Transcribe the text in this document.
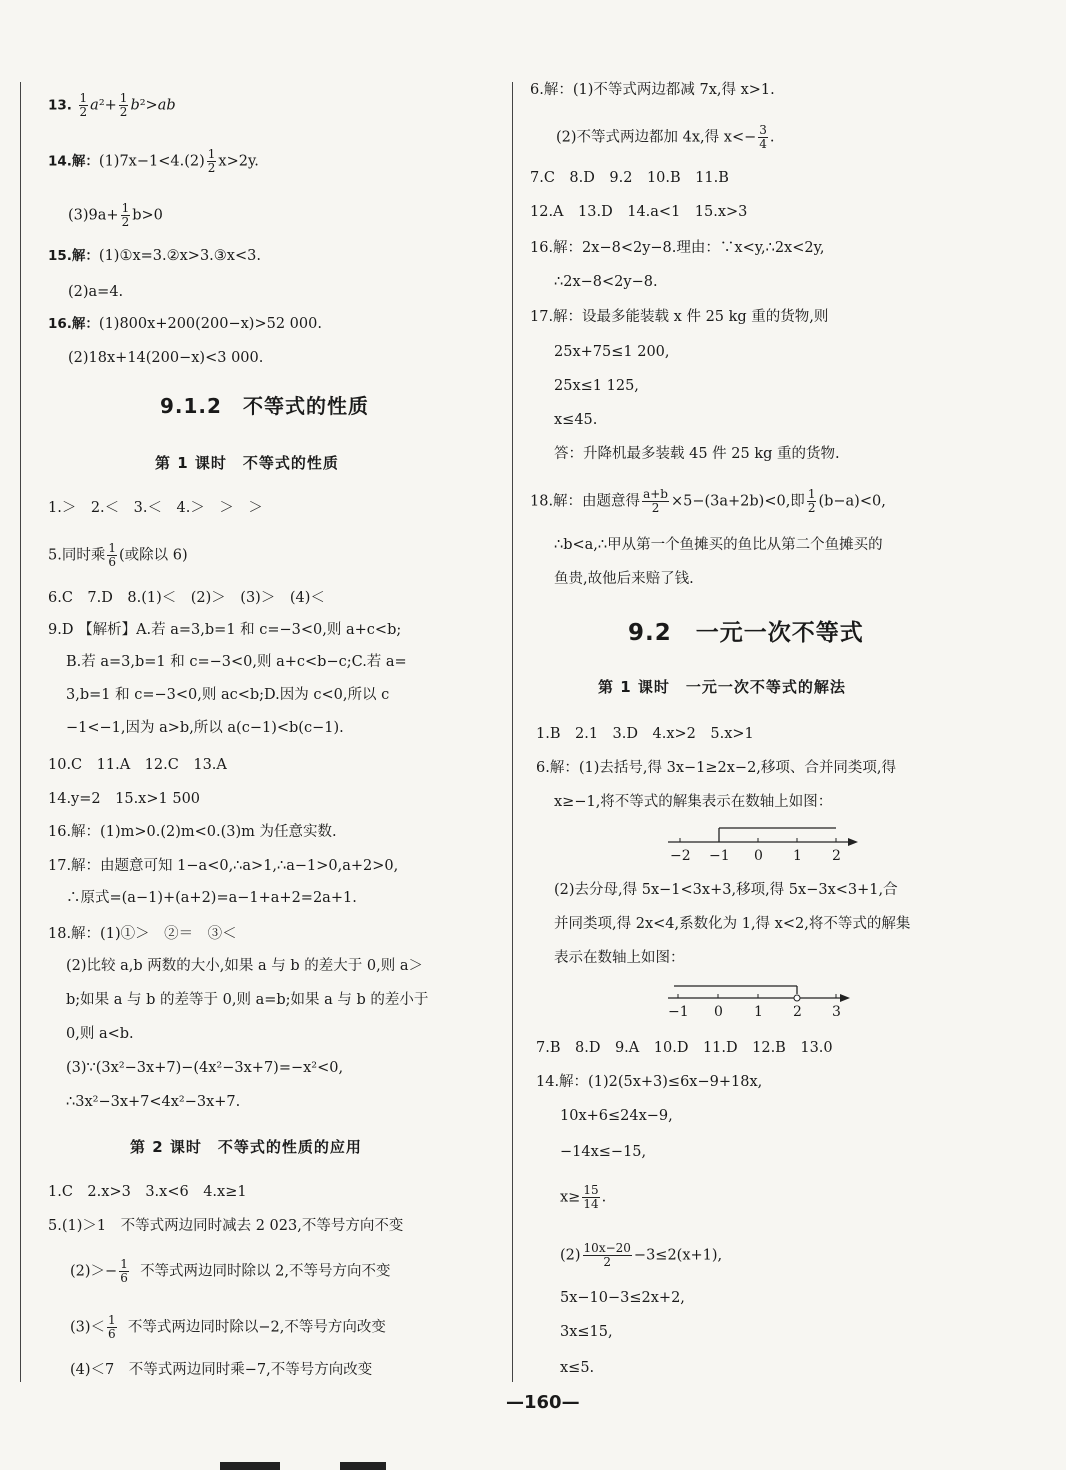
13. $\frac{1}{2} a^2+ \frac{1}{2} b^2>ab$
14.解：$(1)7x-1<4.(2) \frac{1}{2} x>2y$.
$(3)9a+ \frac{1}{2} b>0$
15.解：(1)①x=3.②x>3.③x<3.
(2)a=4.
16.解：(1)800x+200(200−x)>52 000.
(2)18x+14(200−x)<3 000.
9.1.2　不等式的性质
第 1 课时　不等式的性质
1.＞　2.＜　3.＜　4.＞　＞　＞
5.同时乘 $\frac{1}{6}$ (或除以 6)
6.C　7.D　8.(1)＜　(2)＞　(3)＞　(4)＜
9.D 【解析】A.若 a=3,b=1 和 c=−3<0,则 a+c<b;
B.若 a=3,b=1 和 c=−3<0,则 a+c<b−c;C.若 a=
3,b=1 和 c=−3<0,则 ac<b;D.因为 c<0,所以 c
−1<−1,因为 a>b,所以 a(c−1)<b(c−1).
10.C　11.A　12.C　13.A
14.y=2　15.x>1 500
16.解：(1)m>0.(2)m<0.(3)m 为任意实数.
17.解：由题意可知 1−a<0,∴a>1,∴a−1>0,a+2>0,
∴原式=(a−1)+(a+2)=a−1+a+2=2a+1.
18.解：(1)①＞　②＝　③＜
(2)比较 a,b 两数的大小,如果 a 与 b 的差大于 0,则 a＞
b;如果 a 与 b 的差等于 0,则 a=b;如果 a 与 b 的差小于
0,则 a<b.
(3)∵(3x²−3x+7)−(4x²−3x+7)=−x²<0,
∴3x²−3x+7<4x²−3x+7.
第 2 课时　不等式的性质的应用
1.C　2.x>3　3.x<6　4.x≥1
5.(1)＞1　不等式两边同时减去 2 023,不等号方向不变
$(2)>- \frac{1}{6}$ 不等式两边同时除以 2,不等号方向不变
$(3)< \frac{1}{6}$ 不等式两边同时除以−2,不等号方向改变
(4)＜7　不等式两边同时乘−7,不等号方向改变
6.解：(1)不等式两边都减 7x,得 x>1.
(2)不等式两边都加 4x,得 $x<- \frac{3}{4}$ .
7.C　8.D　9.2　10.B　11.B
12.A　13.D　14.a<1　15.x>3
16.解：2x−8<2y−8.理由：∵x<y,∴2x<2y,
∴2x−8<2y−8.
17.解：设最多能装载 x 件 25 kg 重的货物,则
25x+75≤1 200,
25x≤1 125,
x≤45.
答：升降机最多装载 45 件 25 kg 重的货物.
18.解：由题意得 $\frac{a+b}{2} \times 5-(3a+2b)<0$,即 $\frac{1}{2} (b-a)<0$,
∴b<a,∴甲从第一个鱼摊买的鱼比从第二个鱼摊买的
鱼贵,故他后来赔了钱.
9.2　一元一次不等式
第 1 课时　一元一次不等式的解法
1.B　2.1　3.D　4.x>2　5.x>1
6.解：(1)去括号,得 3x−1≥2x−2,移项、合并同类项,得
x≥−1,将不等式的解集表示在数轴上如图：
−2 −1 0 1 2
(2)去分母,得 5x−1<3x+3,移项,得 5x−3x<3+1,合
并同类项,得 2x<4,系数化为 1,得 x<2,将不等式的解集
表示在数轴上如图：
−1 0 1 2 3
7.B　8.D　9.A　10.D　11.D　12.B　13.0
14.解：(1)2(5x+3)≤6x−9+18x,
10x+6≤24x−9,
−14x≤−15,
$x\ge \frac{15}{14}$ .
$(2) \frac{10x-20}{2} -3\le 2(x+1)$,
5x−10−3≤2x+2,
3x≤15,
x≤5.
—160—
